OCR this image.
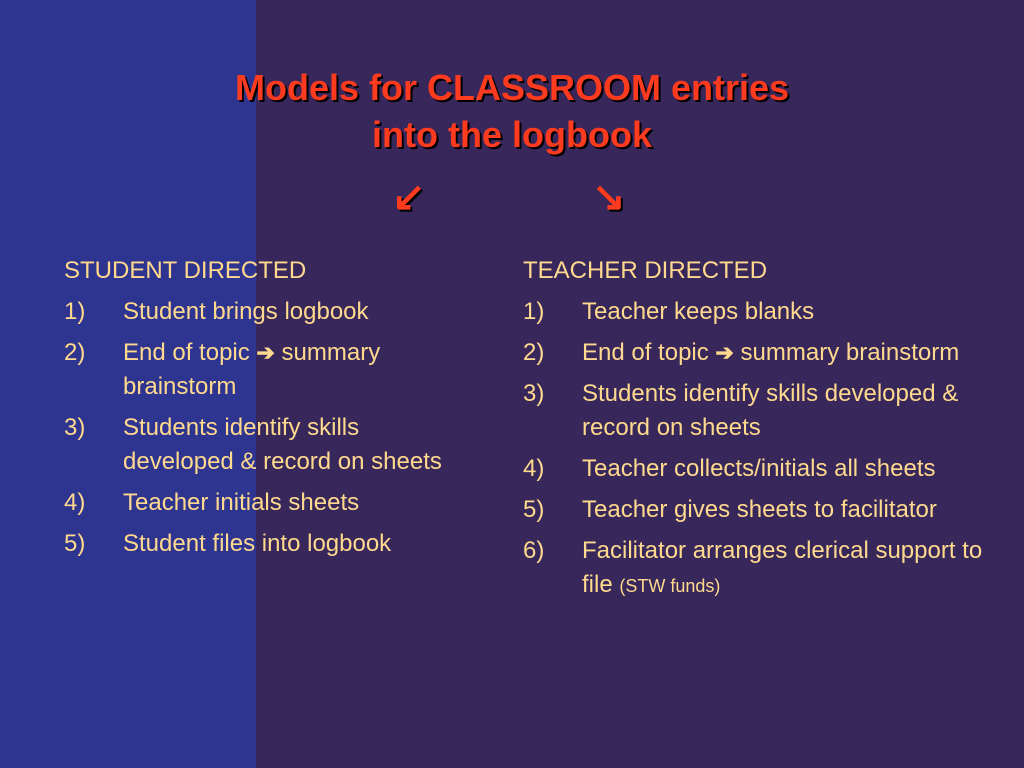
Models for CLASSROOM entries
into the logbook
↙	↘
STUDENT DIRECTED
1) Student brings logbook
2) End of topic ➔ summary brainstorm
3) Students identify skills developed & record on sheets
4) Teacher initials sheets
5) Student files into logbook
TEACHER DIRECTED
1) Teacher keeps blanks
2) End of topic ➔ summary brainstorm
3) Students identify skills developed & record on sheets
4) Teacher collects/initials all sheets
5) Teacher gives sheets to facilitator
6) Facilitator arranges clerical support to file (STW funds)
